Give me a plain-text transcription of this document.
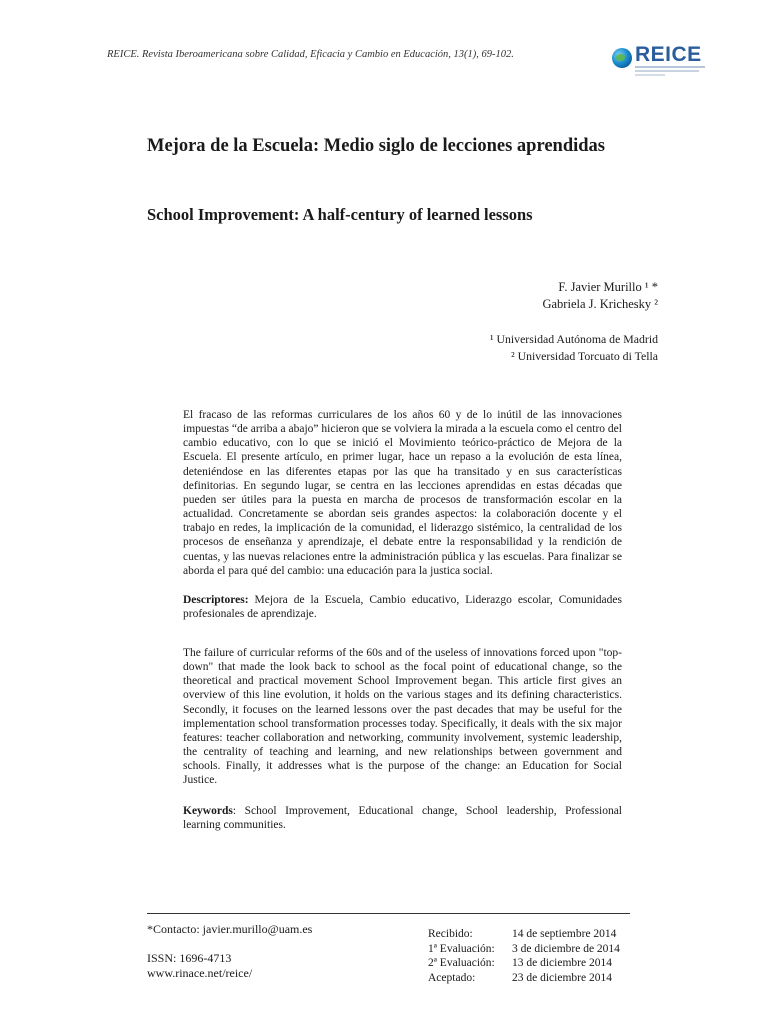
REICE. Revista Iberoamericana sobre Calidad, Eficacia y Cambio en Educación, 13(1), 69-102.	REICE
Mejora de la Escuela: Medio siglo de lecciones aprendidas
School Improvement: A half-century of learned lessons
F. Javier Murillo ¹ *
Gabriela J. Krichesky ²
¹ Universidad Autónoma de Madrid
² Universidad Torcuato di Tella
El fracaso de las reformas curriculares de los años 60 y de lo inútil de las innovaciones impuestas “de arriba a abajo” hicieron que se volviera la mirada a la escuela como el centro del cambio educativo, con lo que se inició el Movimiento teórico-práctico de Mejora de la Escuela. El presente artículo, en primer lugar, hace un repaso a la evolución de esta línea, deteniéndose en las diferentes etapas por las que ha transitado y en sus características definitorias. En segundo lugar, se centra en las lecciones aprendidas en estas décadas que pueden ser útiles para la puesta en marcha de procesos de transformación escolar en la actualidad. Concretamente se abordan seis grandes aspectos: la colaboración docente y el trabajo en redes, la implicación de la comunidad, el liderazgo sistémico, la centralidad de los procesos de enseñanza y aprendizaje, el debate entre la responsabilidad y la rendición de cuentas, y las nuevas relaciones entre la administración pública y las escuelas. Para finalizar se aborda el para qué del cambio: una educación para la justica social.
Descriptores: Mejora de la Escuela, Cambio educativo, Liderazgo escolar, Comunidades profesionales de aprendizaje.
The failure of curricular reforms of the 60s and of the useless of innovations forced upon "top-down" that made the look back to school as the focal point of educational change, so the theoretical and practical movement School Improvement began. This article first gives an overview of this line evolution, it holds on the various stages and its defining characteristics. Secondly, it focuses on the learned lessons over the past decades that may be useful for the implementation school transformation processes today. Specifically, it deals with the six major features: teacher collaboration and networking, community involvement, systemic leadership, the centrality of teaching and learning, and new relationships between government and schools. Finally, it addresses what is the purpose of the change: an Education for Social Justice.
Keywords: School Improvement, Educational change, School leadership, Professional learning communities.
*Contacto: javier.murillo@uam.es
ISSN: 1696-4713
www.rinace.net/reice/
Recibido:	14 de septiembre 2014
1ª Evaluación:	3 de diciembre de 2014
2ª Evaluación:	13 de diciembre 2014
Aceptado:	23 de diciembre 2014
